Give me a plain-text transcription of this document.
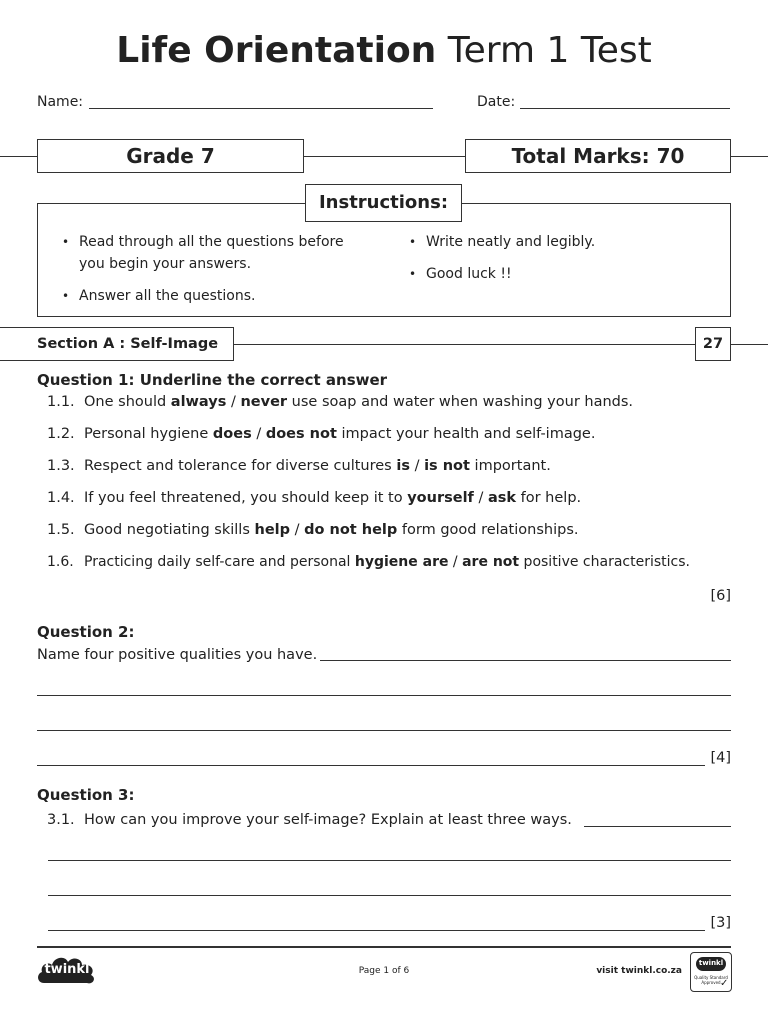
Life Orientation Term 1 Test
Name:	Date:
Grade 7	Total Marks: 70
Instructions:
• Read through all the questions before
you begin your answers.
• Answer all the questions.
• Write neatly and legibly.
• Good luck !!
Section A : Self-Image	27
Question 1: Underline the correct answer
1.1. One should always / never use soap and water when washing your hands.
1.2. Personal hygiene does / does not impact your health and self-image.
1.3. Respect and tolerance for diverse cultures is / is not important.
1.4. If you feel threatened, you should keep it to yourself / ask for help.
1.5. Good negotiating skills help / do not help form good relationships.
1.6. Practicing daily self-care and personal hygiene are / are not positive characteristics.
[6]
Question 2:
Name four positive qualities you have.
[4]
Question 3:
3.1. How can you improve your self-image? Explain at least three ways.
[3]
twinkl	Page 1 of 6	visit twinkl.co.za
twinkl
Quality Standard Approved ✓
